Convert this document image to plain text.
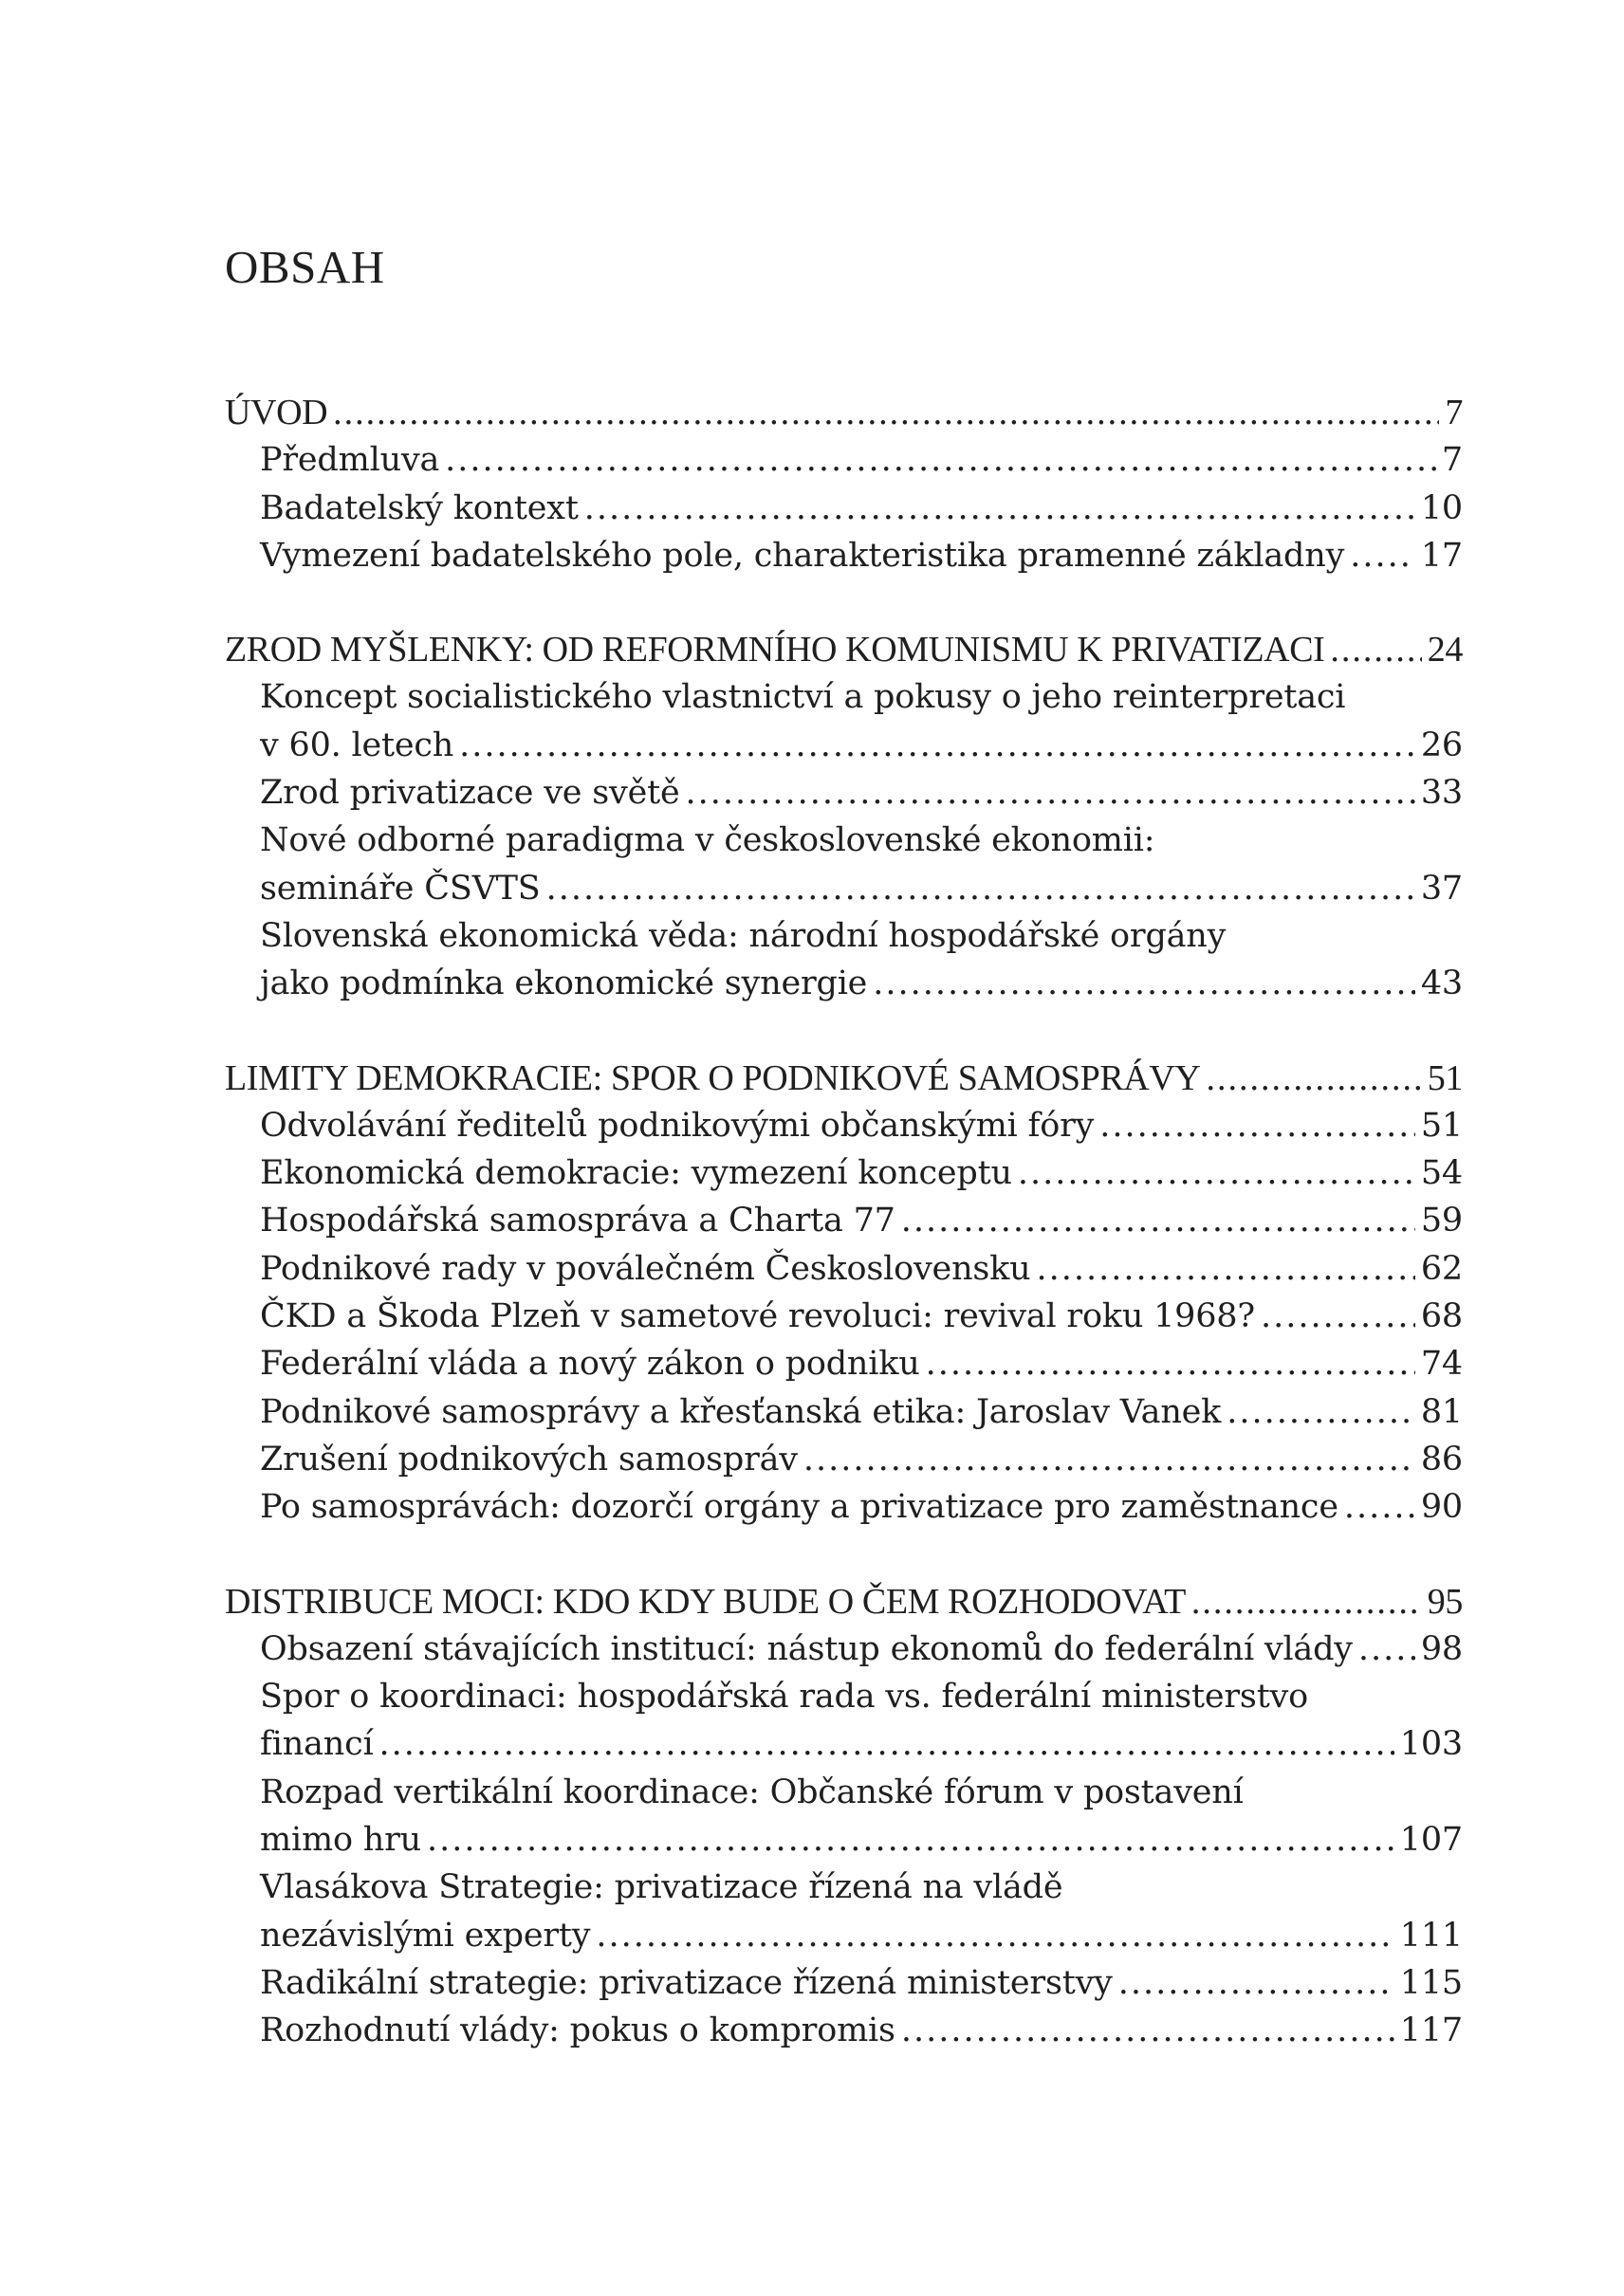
OBSAH
ÚVOD .....	7
Předmluva .....	7
Badatelský kontext .....	10
Vymezení badatelského pole, charakteristika pramenné základny ..... 17
ZROD MYŠLENKY: OD REFORMNÍHO KOMUNISMU K PRIVATIZACI .....	24
Koncept socialistického vlastnictví a pokusy o jeho reinterpretaci
v 60. letech .....	26
Zrod privatizace ve světě .....	33
Nové odborné paradigma v československé ekonomii:
semináře ČSVTS .....	37
Slovenská ekonomická věda: národní hospodářské orgány
jako podmínka ekonomické synergie .....	43
LIMITY DEMOKRACIE: SPOR O PODNIKOVÉ SAMOSPRÁVY .....	51
Odvolávání ředitelů podnikovými občanskými fóry .....	51
Ekonomická demokracie: vymezení konceptu .....	54
Hospodářská samospráva a Charta 77 .....	59
Podnikové rady v poválečném Československu .....	62
ČKD a Škoda Plzeň v sametové revoluci: revival roku 1968? .....	68
Federální vláda a nový zákon o podniku .....	74
Podnikové samosprávy a křesťanská etika: Jaroslav Vanek .....	81
Zrušení podnikových samospráv .....	86
Po samosprávách: dozorčí orgány a privatizace pro zaměstnance ..... 90
DISTRIBUCE MOCI: KDO KDY BUDE O ČEM ROZHODOVAT .....	95
Obsazení stávajících institucí: nástup ekonomů do federální vlády ..... 98
Spor o koordinaci: hospodářská rada vs. federální ministerstvo
financí .....	103
Rozpad vertikální koordinace: Občanské fórum v postavení
mimo hru .....	107
Vlasákova Strategie: privatizace řízená na vládě
nezávislými experty .....	111
Radikální strategie: privatizace řízená ministerstvy .....	115
Rozhodnutí vlády: pokus o kompromis .....	117
